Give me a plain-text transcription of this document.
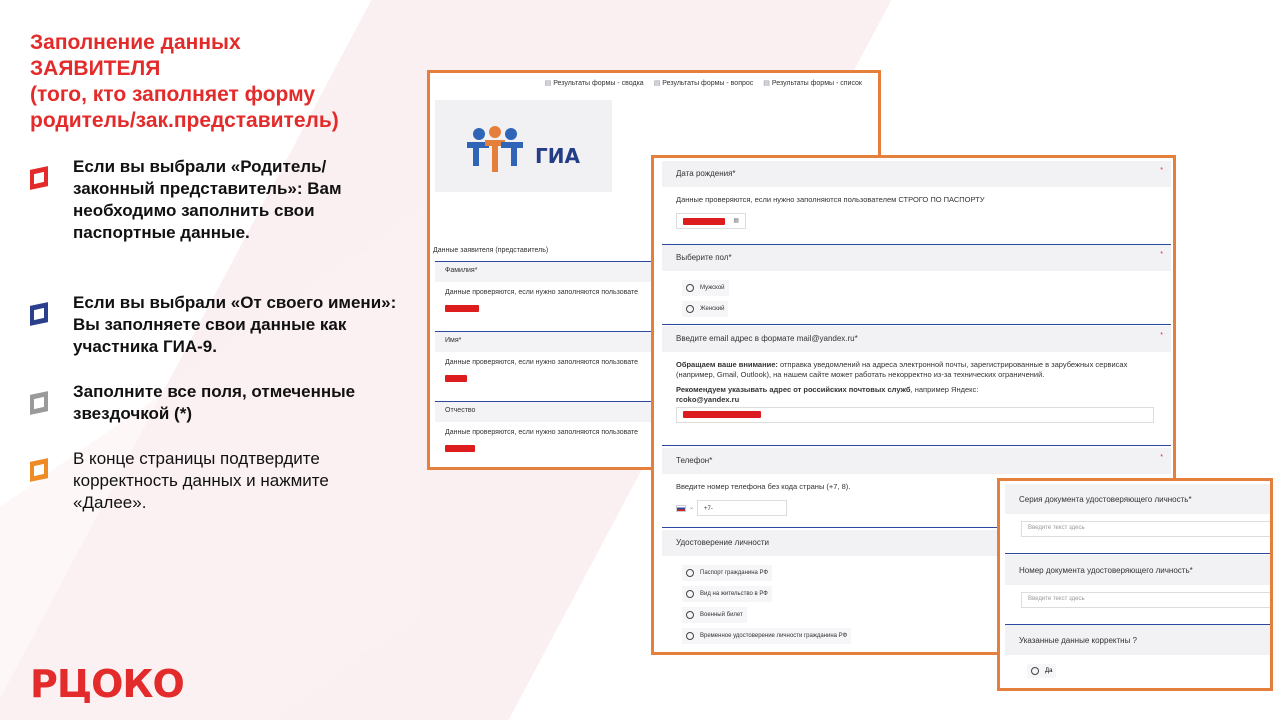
Заполнение данных
ЗАЯВИТЕЛЯ
(того, кто заполняет форму
родитель/зак.представитель)
Если вы выбрали «Родитель/законный представитель»: Вам необходимо заполнить свои паспортные данные.
Если вы выбрали «От своего имени»: Вы заполняете свои данные как участника ГИА-9.
Заполните все поля, отмеченные звездочкой (*)
В конце страницы подтвердите корректность данных и нажмите «Далее».
РЦОКО
▤ Результаты формы - сводка	▤ Результаты формы - вопрос	▤ Результаты формы - список
ГИА
Данные заявителя (представитель)
Фамилия*
Данные проверяются, если нужно заполняются пользовате
Имя*
Данные проверяются, если нужно заполняются пользовате
Отчество
Данные проверяются, если нужно заполняются пользовате
Дата рождения*	*
Данные проверяются, если нужно заполняются пользователем СТРОГО ПО ПАСПОРТУ
▦
Выберите пол*	*
Мужской
Женский
Введите email адрес в формате mail@yandex.ru*	*
Обращаем ваше внимание: отправка уведомлений на адреса электронной почты, зарегистрированные в зарубежных сервисах (например, Gmail, Outlook), на нашем сайте может работать некорректно из-за технических ограничений.
Рекомендуем указывать адрес от российских почтовых служб, например Яндекс:
rcoko@yandex.ru
Телефон*	*
Введите номер телефона без кода страны (+7, 8).
⌄	+7-
Удостоверение личности
Паспорт гражданина РФ
Вид на жительство в РФ
Военный билет
Временное удостоверение личности гражданина РФ
Серия документа удостоверяющего личность*
Введите текст здесь
Номер документа удостоверяющего личность*
Введите текст здесь
Указанные данные корректны ?
Да
